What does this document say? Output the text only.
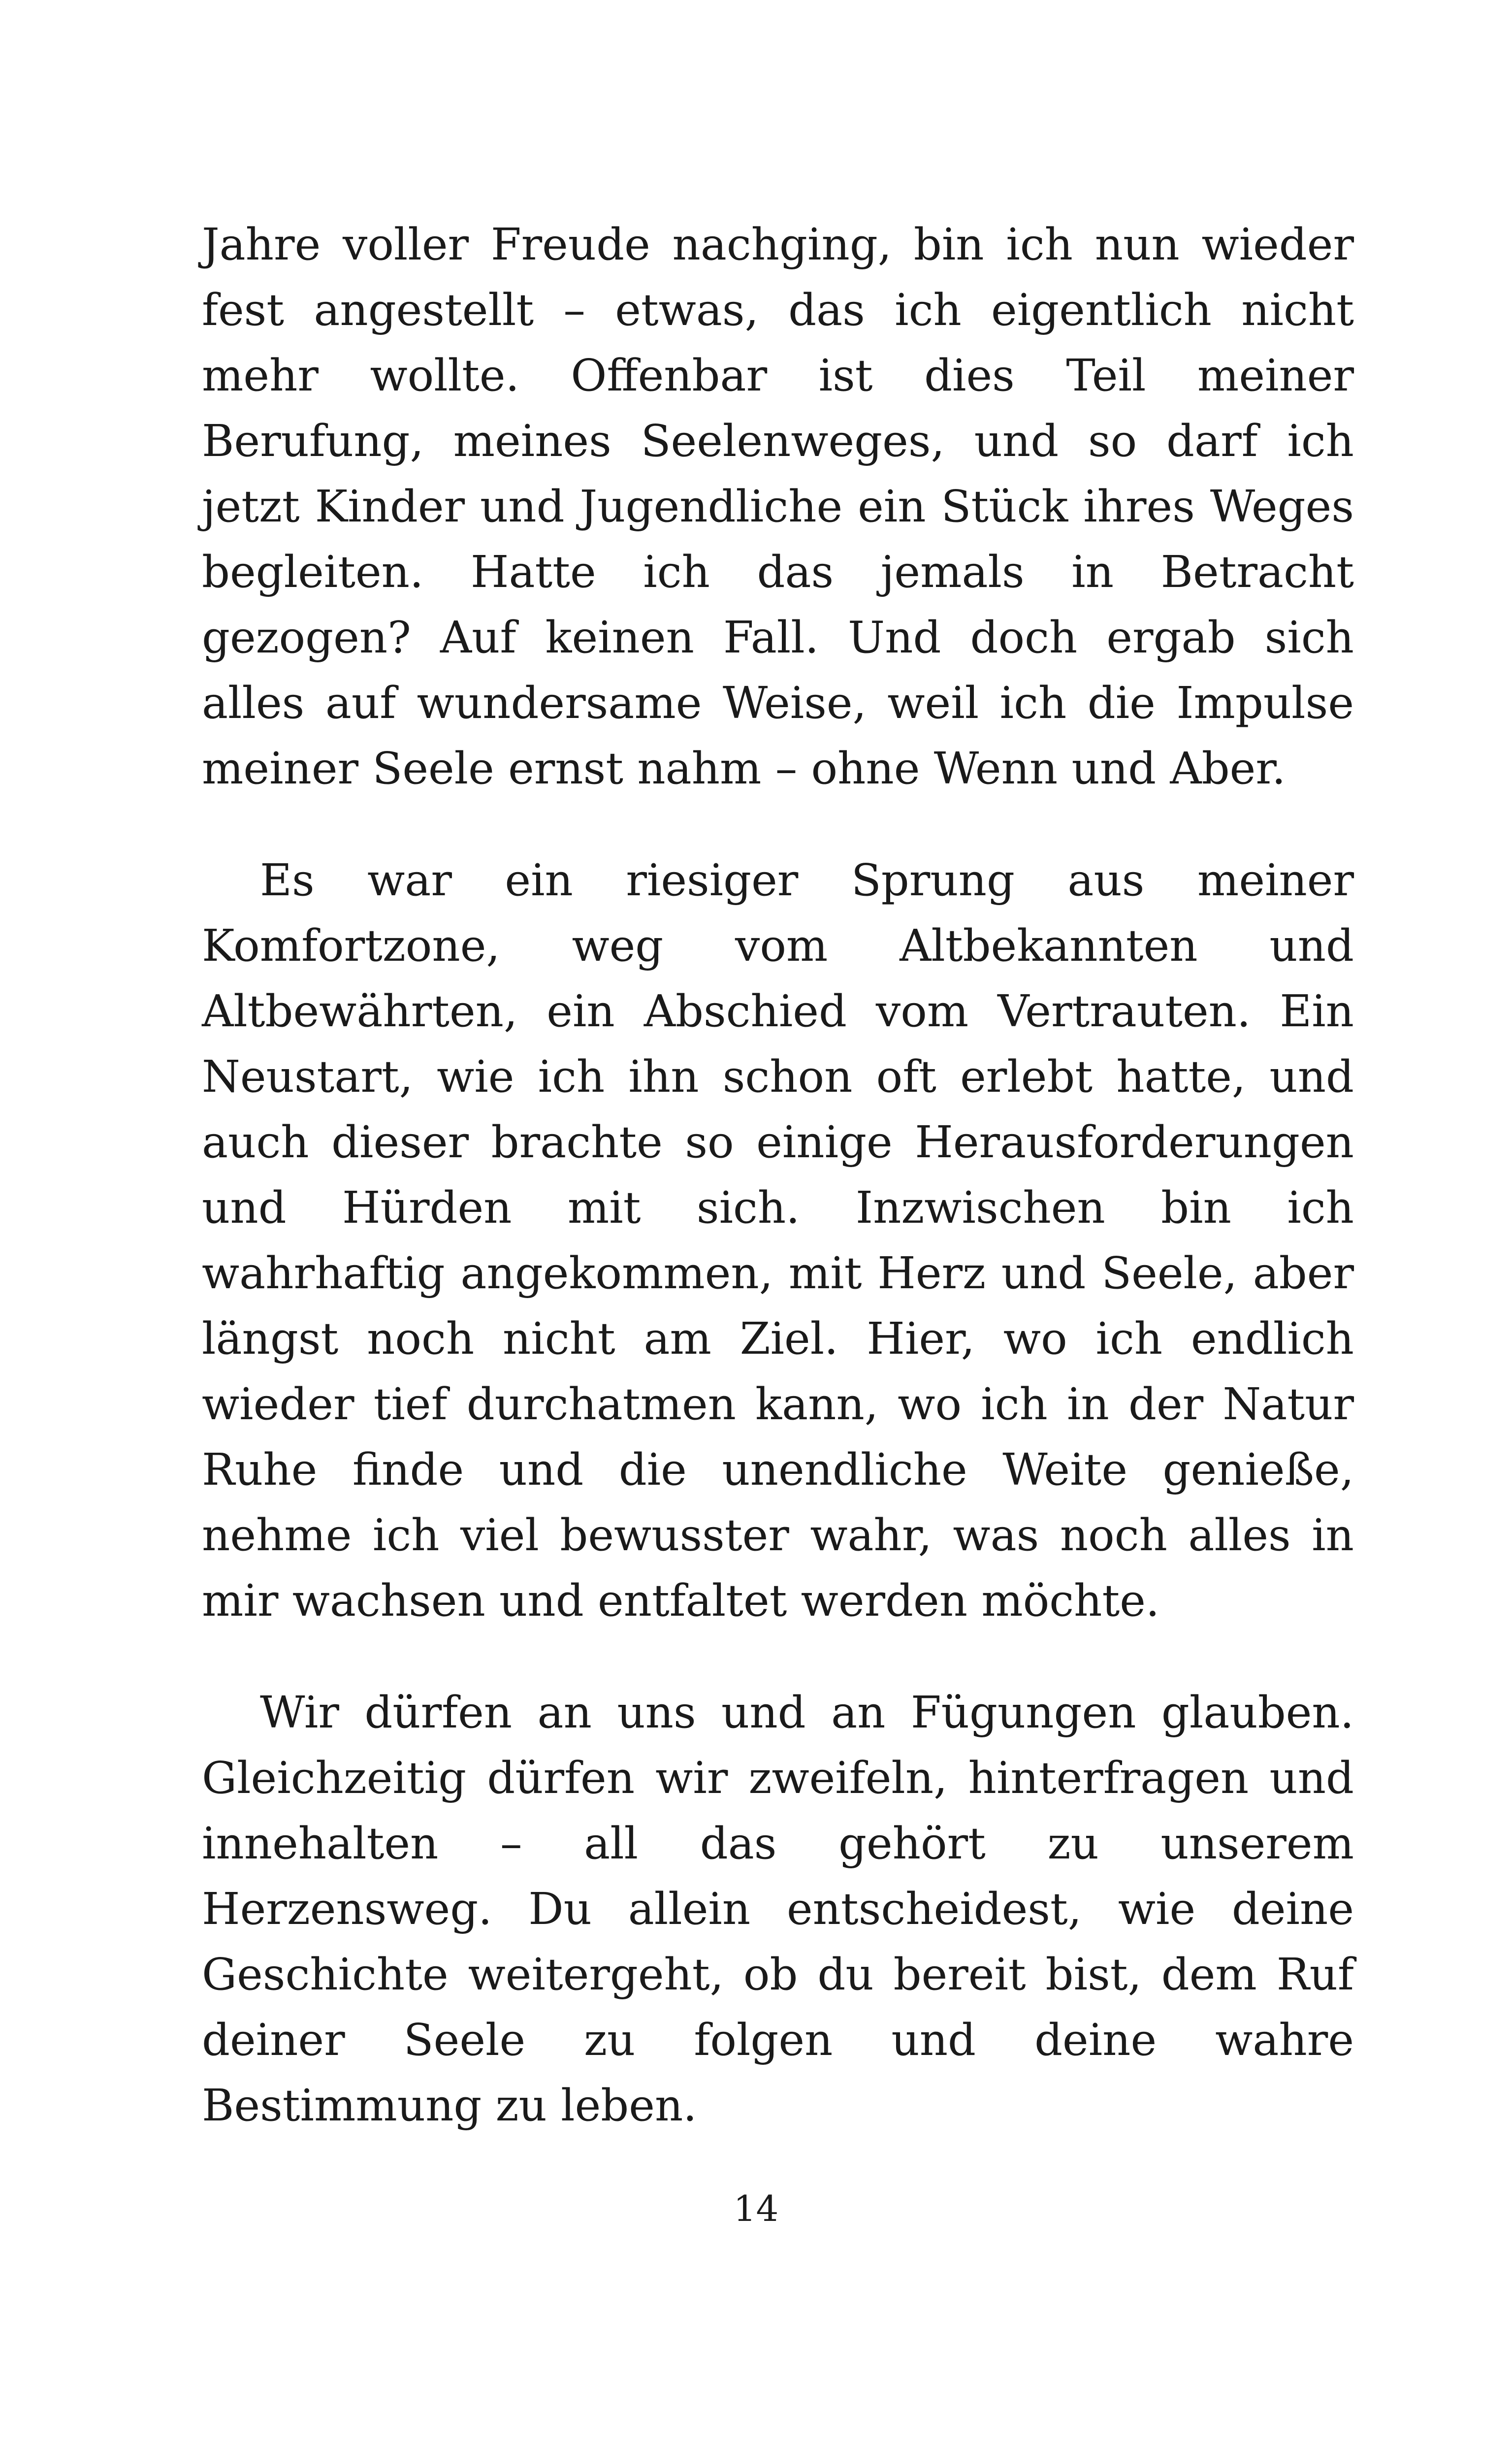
Jahre voller Freude nachging, bin ich nun wieder fest angestellt – etwas, das ich eigentlich nicht mehr wollte. Offenbar ist dies Teil meiner Berufung, meines Seelenweges, und so darf ich jetzt Kinder und Jugendliche ein Stück ihres Weges begleiten. Hatte ich das jemals in Betracht gezogen? Auf keinen Fall. Und doch ergab sich alles auf wundersame Weise, weil ich die Impulse meiner Seele ernst nahm – ohne Wenn und Aber.

Es war ein riesiger Sprung aus meiner Komfortzone, weg vom Altbekannten und Altbewährten, ein Abschied vom Vertrauten. Ein Neustart, wie ich ihn schon oft erlebt hatte, und auch dieser brachte so einige Herausforderungen und Hürden mit sich. Inzwischen bin ich wahrhaftig angekommen, mit Herz und Seele, aber längst noch nicht am Ziel. Hier, wo ich endlich wieder tief durchatmen kann, wo ich in der Natur Ruhe finde und die unendliche Weite genieße, nehme ich viel bewusster wahr, was noch alles in mir wachsen und entfaltet werden möchte.

Wir dürfen an uns und an Fügungen glauben. Gleichzeitig dürfen wir zweifeln, hinterfragen und innehalten – all das gehört zu unserem Herzensweg. Du allein entscheidest, wie deine Geschichte weitergeht, ob du bereit bist, dem Ruf deiner Seele zu folgen und deine wahre Bestimmung zu leben.

14
